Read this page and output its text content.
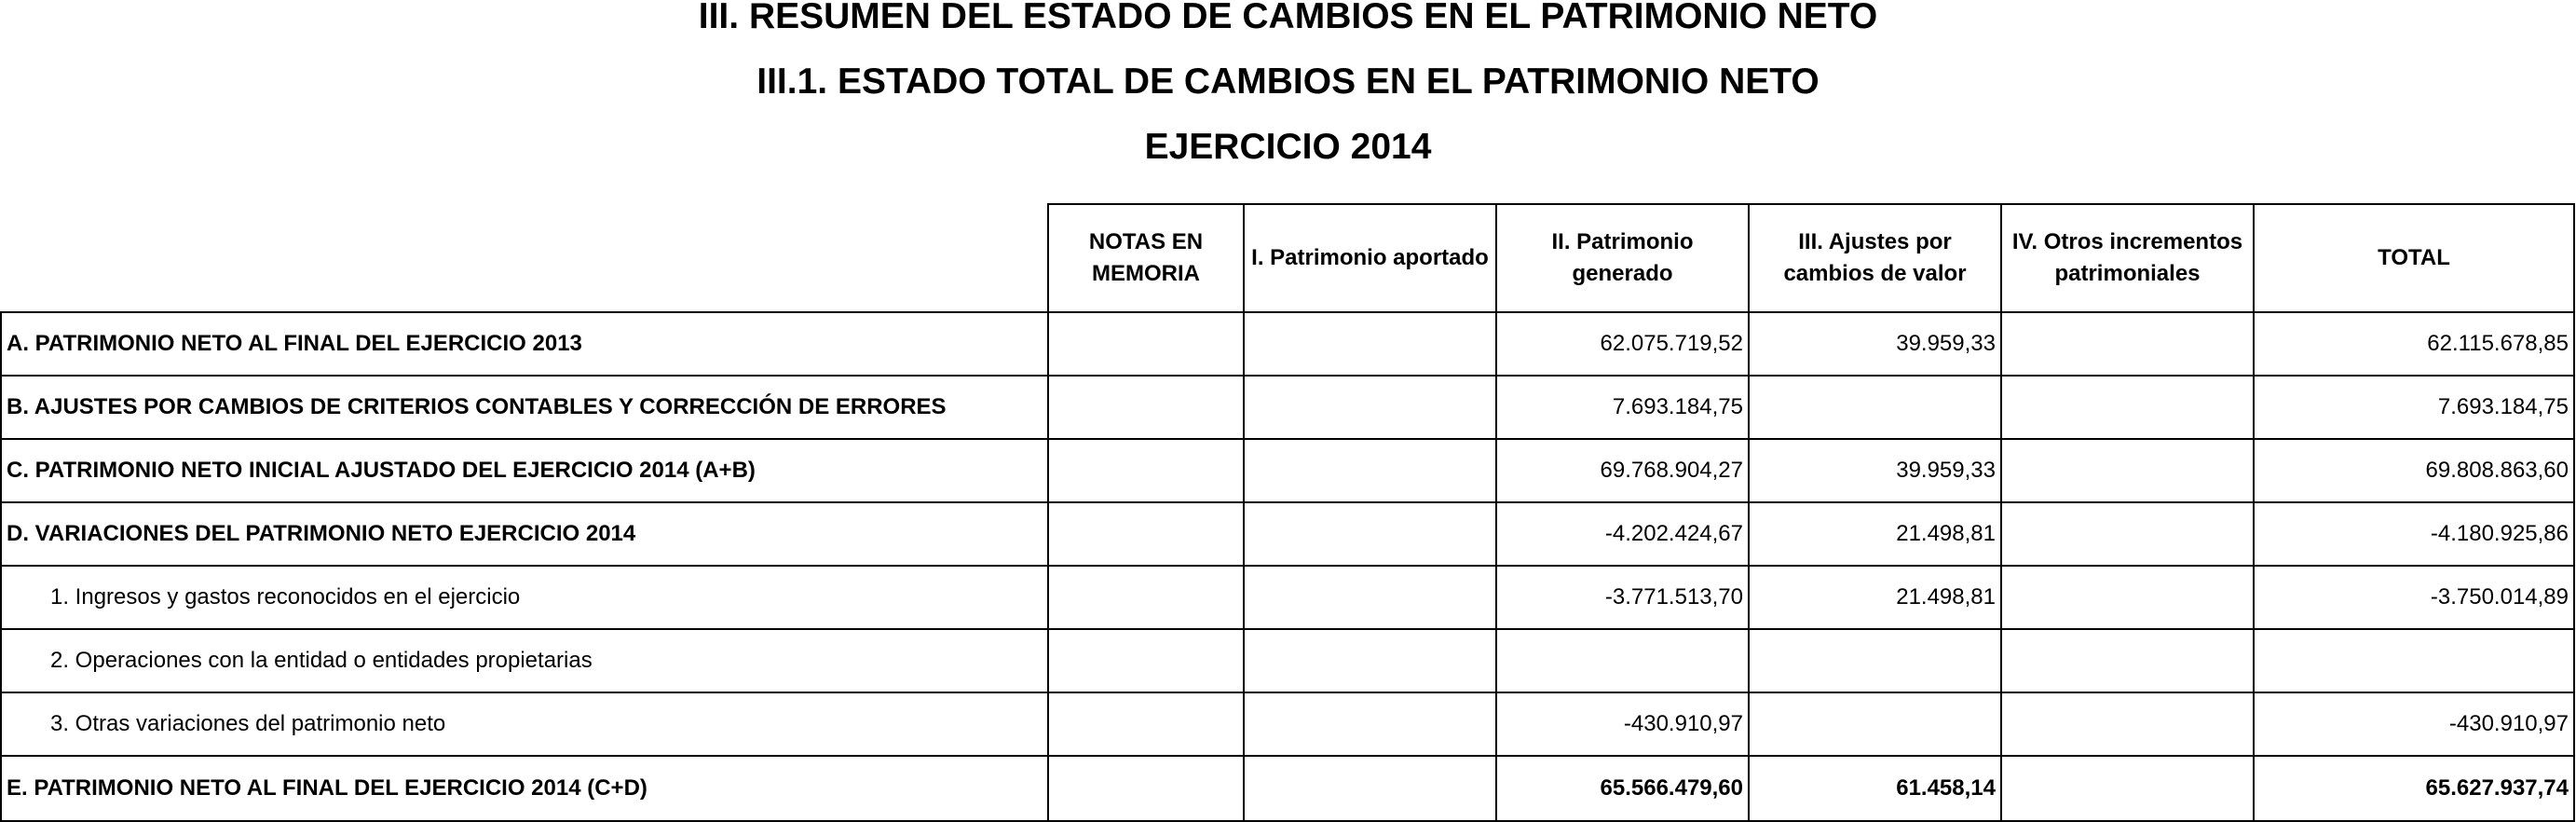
III. RESUMEN DEL ESTADO DE CAMBIOS EN EL PATRIMONIO NETO
III.1. ESTADO TOTAL DE CAMBIOS EN EL PATRIMONIO NETO
EJERCICIO 2014
	NOTAS EN MEMORIA	I. Patrimonio aportado	II. Patrimonio generado	III. Ajustes por cambios de valor	IV. Otros incrementos patrimoniales	TOTAL
A. PATRIMONIO NETO AL FINAL DEL EJERCICIO 2013			62.075.719,52	39.959,33		62.115.678,85
B. AJUSTES POR CAMBIOS DE CRITERIOS CONTABLES Y CORRECCIÓN DE ERRORES			7.693.184,75			7.693.184,75
C. PATRIMONIO NETO INICIAL AJUSTADO DEL EJERCICIO 2014 (A+B)			69.768.904,27	39.959,33		69.808.863,60
D. VARIACIONES DEL PATRIMONIO NETO EJERCICIO 2014			-4.202.424,67	21.498,81		-4.180.925,86
1. Ingresos y gastos reconocidos en el ejercicio			-3.771.513,70	21.498,81		-3.750.014,89
2. Operaciones con la entidad o entidades propietarias						
3. Otras variaciones del patrimonio neto			-430.910,97			-430.910,97
E. PATRIMONIO NETO AL FINAL DEL EJERCICIO 2014 (C+D)			65.566.479,60	61.458,14		65.627.937,74
